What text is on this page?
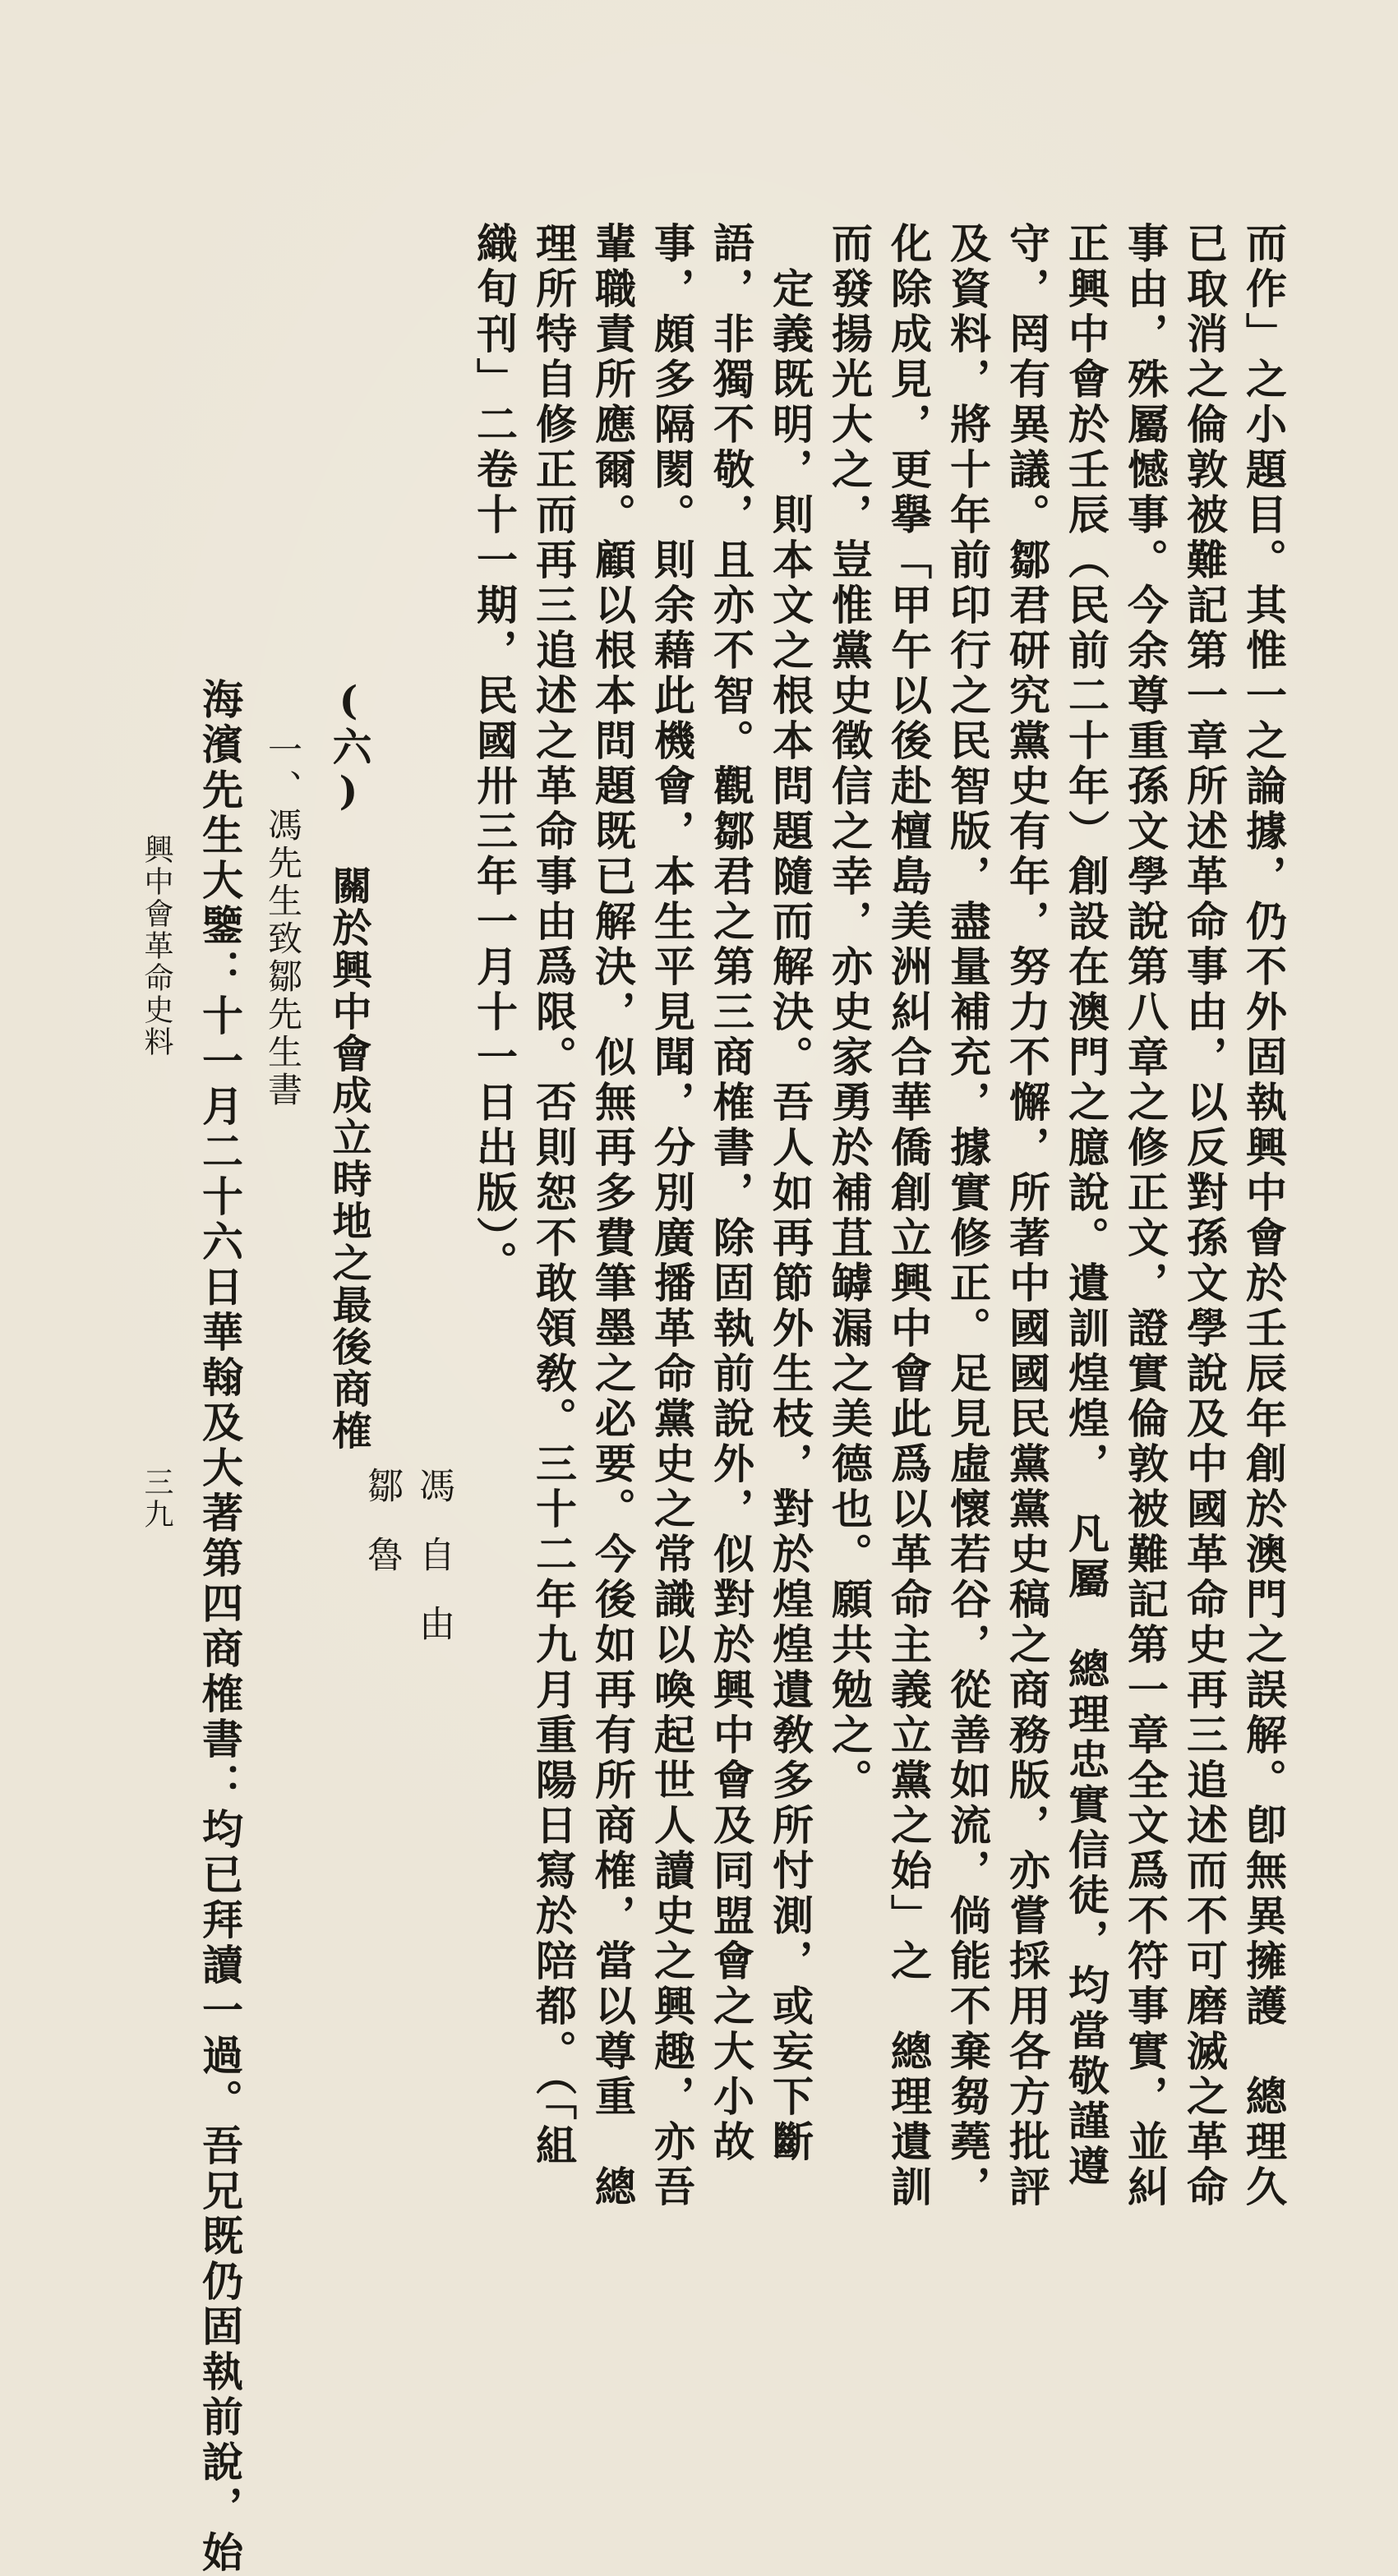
而作」之小題目。其惟一之論據，仍不外固執興中會於壬辰年創於澳門之誤解。卽無異擁護　總理久
已取消之倫敦被難記第一章所述革命事由，以反對孫文學說及中國革命史再三追述而不可磨滅之革命
事由，殊屬憾事。今余尊重孫文學說第八章之修正文，證實倫敦被難記第一章全文爲不符事實，並糾
正興中會於壬辰（民前二十年）創設在澳門之臆說。遺訓煌煌，　凡屬　總理忠實信徒，均當敬謹遵
守，罔有異議。鄒君研究黨史有年，努力不懈，所著中國國民黨黨史稿之商務版，亦嘗採用各方批評
及資料，將十年前印行之民智版，盡量補充，據實修正。足見虛懷若谷，從善如流，倘能不棄芻蕘，
化除成見，更擧「甲午以後赴檀島美洲糾合華僑創立興中會此爲以革命主義立黨之始」之　總理遺訓
而發揚光大之，豈惟黨史徵信之幸，亦史家勇於補苴罅漏之美德也。願共勉之。
　定義既明，則本文之根本問題隨而解決。吾人如再節外生枝，對於煌煌遺敎多所忖測，或妄下斷
語，非獨不敬，且亦不智。觀鄒君之第三商榷書，除固執前說外，似對於興中會及同盟會之大小故
事，頗多隔閡。則余藉此機會，本生平見聞，分別廣播革命黨史之常識以喚起世人讀史之興趣，亦吾
輩職責所應爾。顧以根本問題既已解決，似無再多費筆墨之必要。今後如再有所商榷，當以尊重　總
理所特自修正而再三追述之革命事由爲限。否則恕不敢領敎。三十二年九月重陽日寫於陪都。（「組
織旬刊」二卷十一期，民國卅三年一月十一日出版）。
馮自由
鄒魯
(六) 關於興中會成立時地之最後商榷
一、馮先生致鄒先生書
海濱先生大鑒：十一月二十六日華翰及大著第四商榷書：均已拜讀一過。吾兄既仍固執前說，始
興中會革命史料
三九
